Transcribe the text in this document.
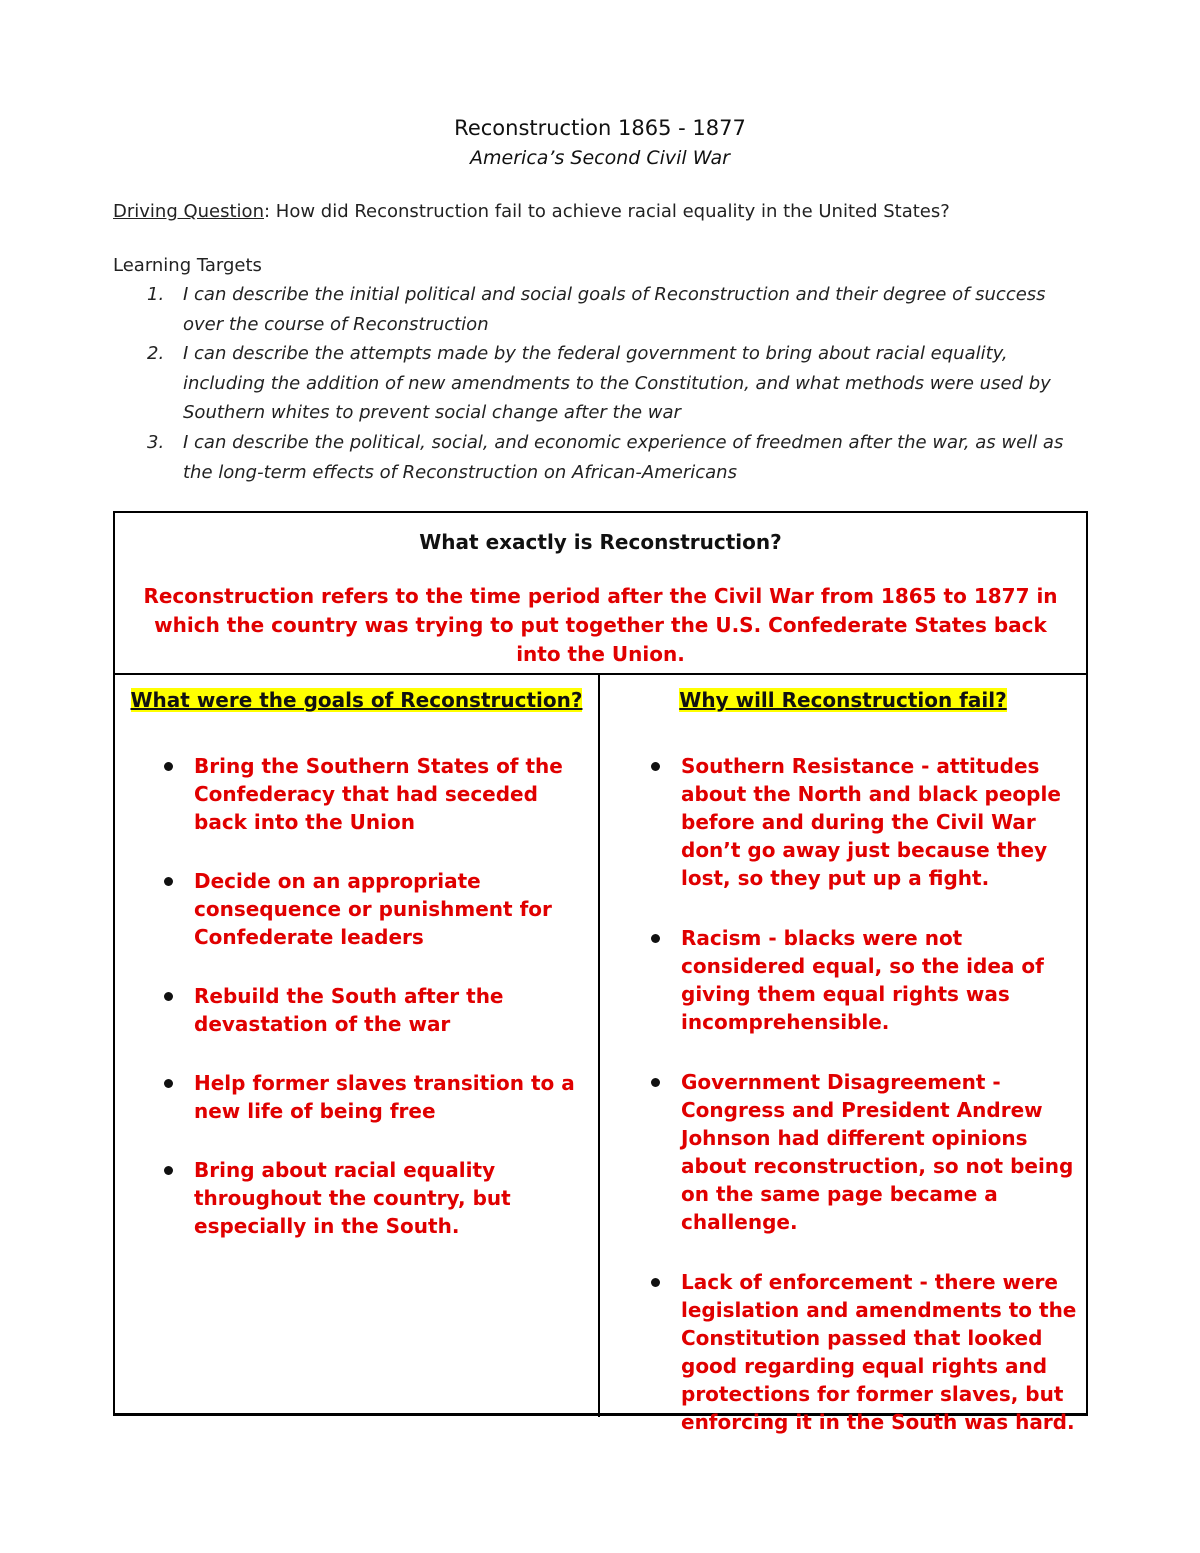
Reconstruction 1865 - 1877
America’s Second Civil War
Driving Question: How did Reconstruction fail to achieve racial equality in the United States?
Learning Targets
1. I can describe the initial political and social goals of Reconstruction and their degree of success over the course of Reconstruction
2. I can describe the attempts made by the federal government to bring about racial equality, including the addition of new amendments to the Constitution, and what methods were used by Southern whites to prevent social change after the war
3. I can describe the political, social, and economic experience of freedmen after the war, as well as the long-term effects of Reconstruction on African-Americans
What exactly is Reconstruction?
Reconstruction refers to the time period after the Civil War from 1865 to 1877 in which the country was trying to put together the U.S. Confederate States back into the Union.
What were the goals of Reconstruction?	Why will Reconstruction fail?
Bring the Southern States of the Confederacy that had seceded back into the Union
Decide on an appropriate consequence or punishment for Confederate leaders
Rebuild the South after the devastation of the war
Help former slaves transition to a new life of being free
Bring about racial equality throughout the country, but especially in the South.
Southern Resistance - attitudes about the North and black people before and during the Civil War don’t go away just because they lost, so they put up a fight.
Racism - blacks were not considered equal, so the idea of giving them equal rights was incomprehensible.
Government Disagreement - Congress and President Andrew Johnson had different opinions about reconstruction, so not being on the same page became a challenge.
Lack of enforcement - there were legislation and amendments to the Constitution passed that looked good regarding equal rights and protections for former slaves, but enforcing it in the South was hard.
